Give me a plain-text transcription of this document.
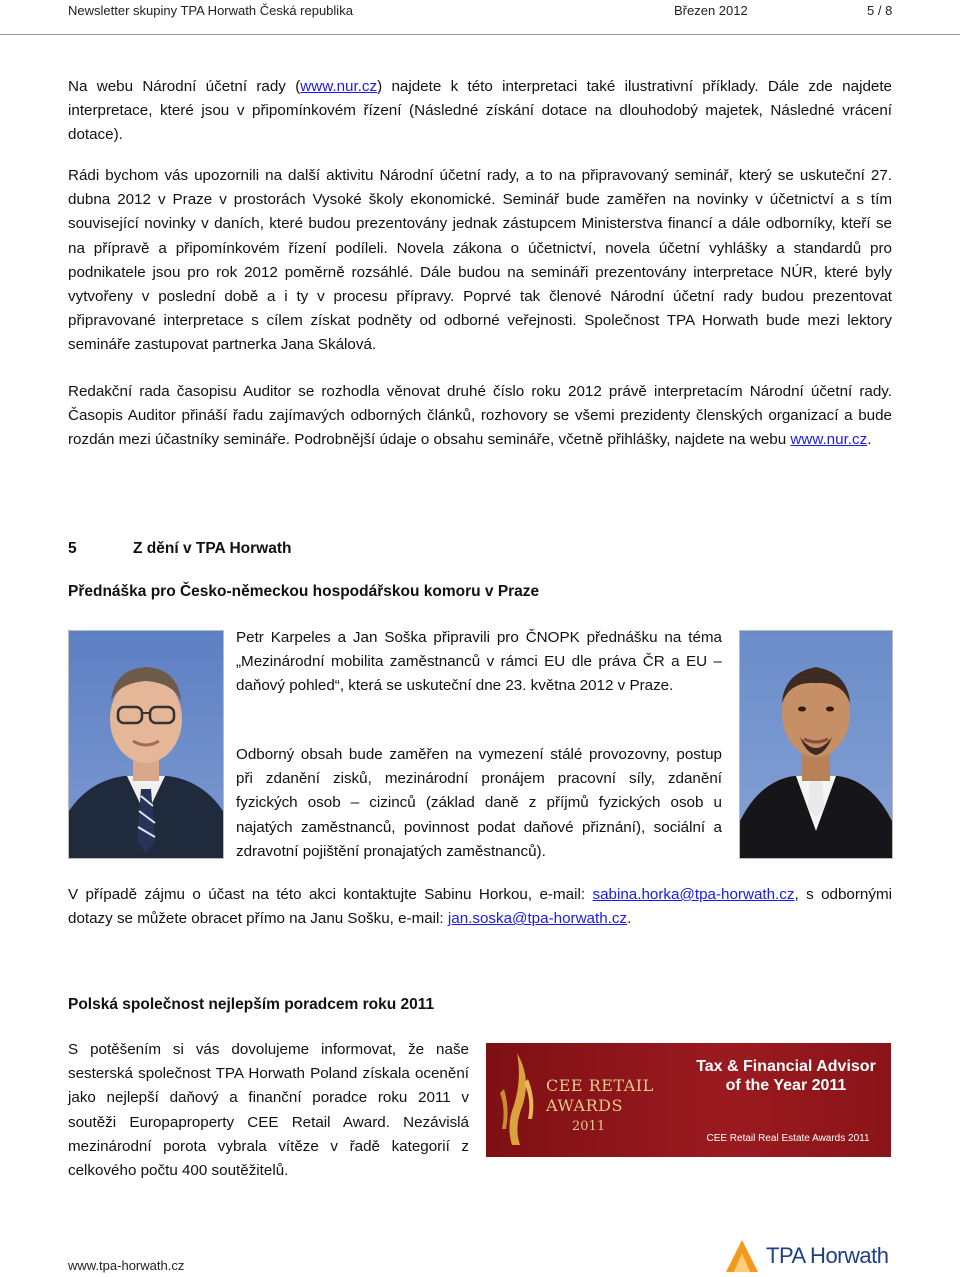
Newsletter skupiny TPA Horwath Česká republika	Březen 2012	5 / 8
Na webu Národní účetní rady (www.nur.cz) najdete k této interpretaci také ilustrativní příklady. Dále zde najdete interpretace, které jsou v připomínkovém řízení (Následné získání dotace na dlouhodobý majetek, Následné vrácení dotace).
Rádi bychom vás upozornili na další aktivitu Národní účetní rady, a to na připravovaný seminář, který se uskuteční 27. dubna 2012 v Praze v prostorách Vysoké školy ekonomické. Seminář bude zaměřen na novinky v účetnictví a s tím související novinky v daních, které budou prezentovány jednak zástupcem Ministerstva financí a dále odborníky, kteří se na přípravě a připomínkovém řízení podíleli. Novela zákona o účetnictví, novela účetní vyhlášky a standardů pro podnikatele jsou pro rok 2012 poměrně rozsáhlé. Dále budou na semináři prezentovány interpretace NÚR, které byly vytvořeny v poslední době a i ty v procesu přípravy. Poprvé tak členové Národní účetní rady budou prezentovat připravované interpretace s cílem získat podněty od odborné veřejnosti. Společnost TPA Horwath bude mezi lektory semináře zastupovat partnerka Jana Skálová.
Redakční rada časopisu Auditor se rozhodla věnovat druhé číslo roku 2012 právě interpretacím Národní účetní rady. Časopis Auditor přináší řadu zajímavých odborných článků, rozhovory se všemi prezidenty členských organizací a bude rozdán mezi účastníky semináře. Podrobnější údaje o obsahu semináře, včetně přihlášky, najdete na webu www.nur.cz.
5	Z dění v TPA Horwath
Přednáška pro Česko-německou hospodářskou komoru v Praze
Petr Karpeles a Jan Soška připravili pro ČNOPK přednášku na téma „Mezinárodní mobilita zaměstnanců v rámci EU dle práva ČR a EU – daňový pohled“, která se uskuteční dne 23. května 2012 v Praze.
Odborný obsah bude zaměřen na vymezení stálé provozovny, postup při zdanění zisků, mezinárodní pronájem pracovní síly, zdanění fyzických osob – cizinců (základ daně z příjmů fyzických osob u najatých zaměstnanců, povinnost podat daňové přiznání), sociální a zdravotní pojištění pronajatých zaměstnanců).
V případě zájmu o účast na této akci kontaktujte Sabinu Horkou, e-mail: sabina.horka@tpa-horwath.cz, s odbornými dotazy se můžete obracet přímo na Janu Sošku, e-mail: jan.soska@tpa-horwath.cz.
Polská společnost nejlepším poradcem roku 2011
S potěšením si vás dovolujeme informovat, že naše sesterská společnost TPA Horwath Poland získala ocenění jako nejlepší daňový a finanční poradce roku 2011 v soutěži Europaproperty CEE Retail Award. Nezávislá mezinárodní porota vybrala vítěze v řadě kategorií z celkového počtu 400 soutěžitelů.
CEE RETAIL
AWARDS
2011
Tax & Financial Advisor
of the Year 2011
CEE Retail Real Estate Awards 2011
www.tpa-horwath.cz	TPA Horwath
